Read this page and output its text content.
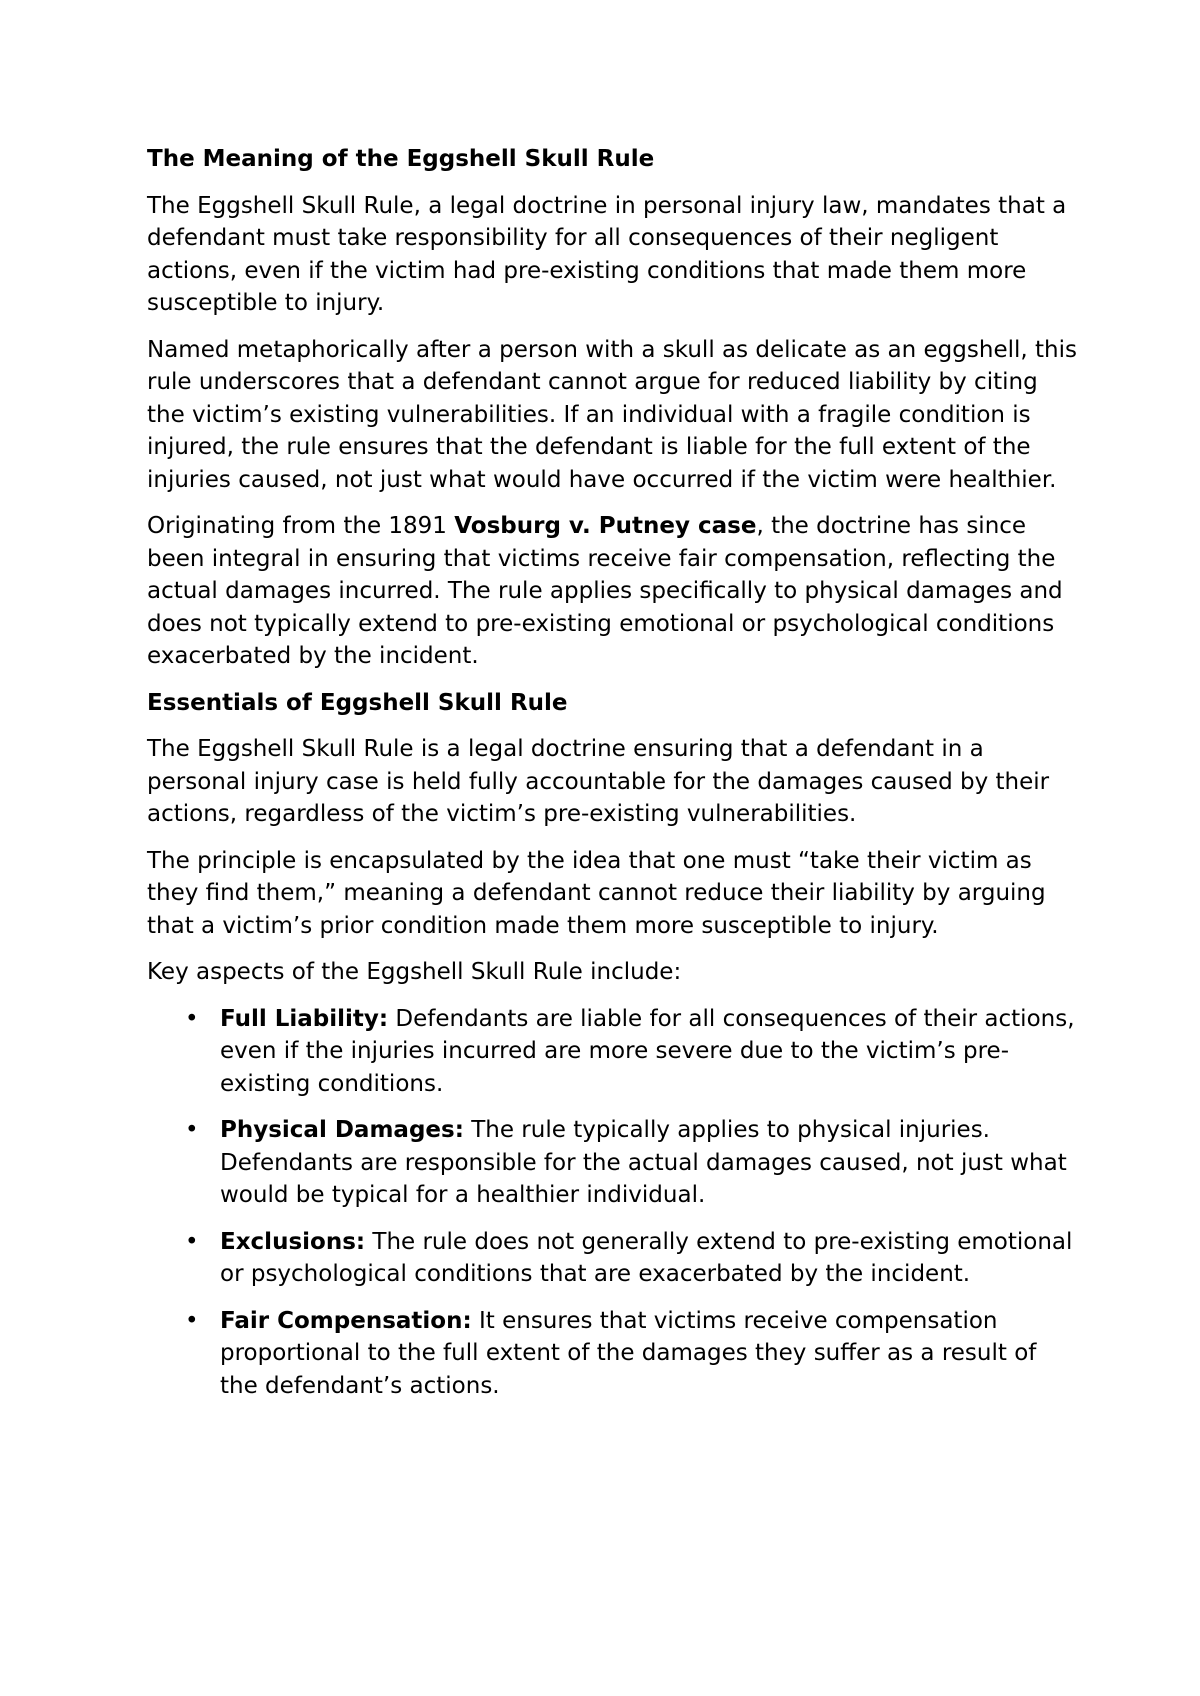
The Meaning of the Eggshell Skull Rule

The Eggshell Skull Rule, a legal doctrine in personal injury law, mandates that a defendant must take responsibility for all consequences of their negligent actions, even if the victim had pre-existing conditions that made them more susceptible to injury.

Named metaphorically after a person with a skull as delicate as an eggshell, this rule underscores that a defendant cannot argue for reduced liability by citing the victim’s existing vulnerabilities. If an individual with a fragile condition is injured, the rule ensures that the defendant is liable for the full extent of the injuries caused, not just what would have occurred if the victim were healthier.

Originating from the 1891 Vosburg v. Putney case, the doctrine has since been integral in ensuring that victims receive fair compensation, reflecting the actual damages incurred. The rule applies specifically to physical damages and does not typically extend to pre-existing emotional or psychological conditions exacerbated by the incident.

Essentials of Eggshell Skull Rule

The Eggshell Skull Rule is a legal doctrine ensuring that a defendant in a personal injury case is held fully accountable for the damages caused by their actions, regardless of the victim’s pre-existing vulnerabilities.

The principle is encapsulated by the idea that one must “take their victim as they find them,” meaning a defendant cannot reduce their liability by arguing that a victim’s prior condition made them more susceptible to injury.

Key aspects of the Eggshell Skull Rule include:

• Full Liability: Defendants are liable for all consequences of their actions, even if the injuries incurred are more severe due to the victim’s pre-existing conditions.
• Physical Damages: The rule typically applies to physical injuries. Defendants are responsible for the actual damages caused, not just what would be typical for a healthier individual.
• Exclusions: The rule does not generally extend to pre-existing emotional or psychological conditions that are exacerbated by the incident.
• Fair Compensation: It ensures that victims receive compensation proportional to the full extent of the damages they suffer as a result of the defendant’s actions.
